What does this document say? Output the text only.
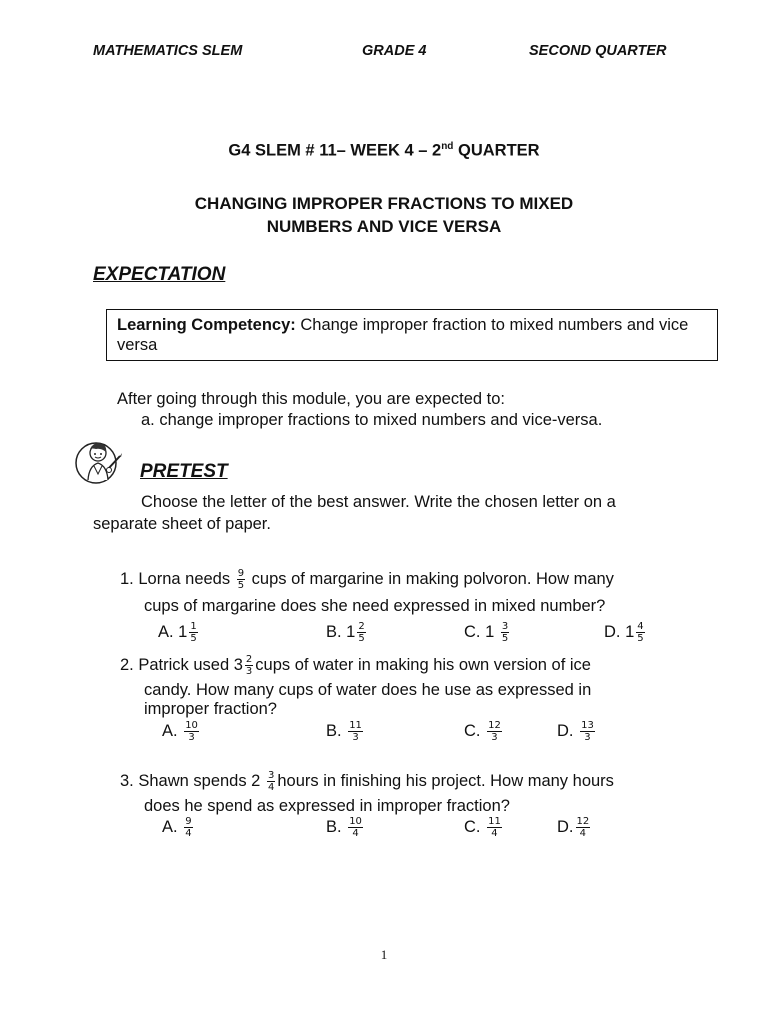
MATHEMATICS SLEM	GRADE 4	SECOND QUARTER
G4 SLEM # 11– WEEK 4 – 2nd QUARTER
CHANGING IMPROPER FRACTIONS TO MIXED
NUMBERS AND VICE VERSA
EXPECTATION
Learning Competency: Change improper fraction to mixed numbers and vice versa
After going through this module, you are expected to:
a. change improper fractions to mixed numbers and vice-versa.
PRETEST
Choose the letter of the best answer. Write the chosen letter on a
separate sheet of paper.
1. Lorna needs $\frac{9}{5}$ cups of margarine in making polvoron. How many
cups of margarine does she need expressed in mixed number?
A. $1 \frac{1}{5}$	B. $1 \frac{2}{5}$	C. $1 \frac{3}{5}$	D. $1 \frac{4}{5}$
2. Patrick used $3 \frac{2}{3}$ cups of water in making his own version of ice
candy. How many cups of water does he use as expressed in
improper fraction?
A. $\frac{10}{3}$	B. $\frac{11}{3}$	C. $\frac{12}{3}$	D. $\frac{13}{3}$
3. Shawn spends $2 \frac{3}{4}$ hours in finishing his project. How many hours
does he spend as expressed in improper fraction?
A. $\frac{9}{4}$	B. $\frac{10}{4}$	C. $\frac{11}{4}$	D. $\frac{12}{4}$
1
